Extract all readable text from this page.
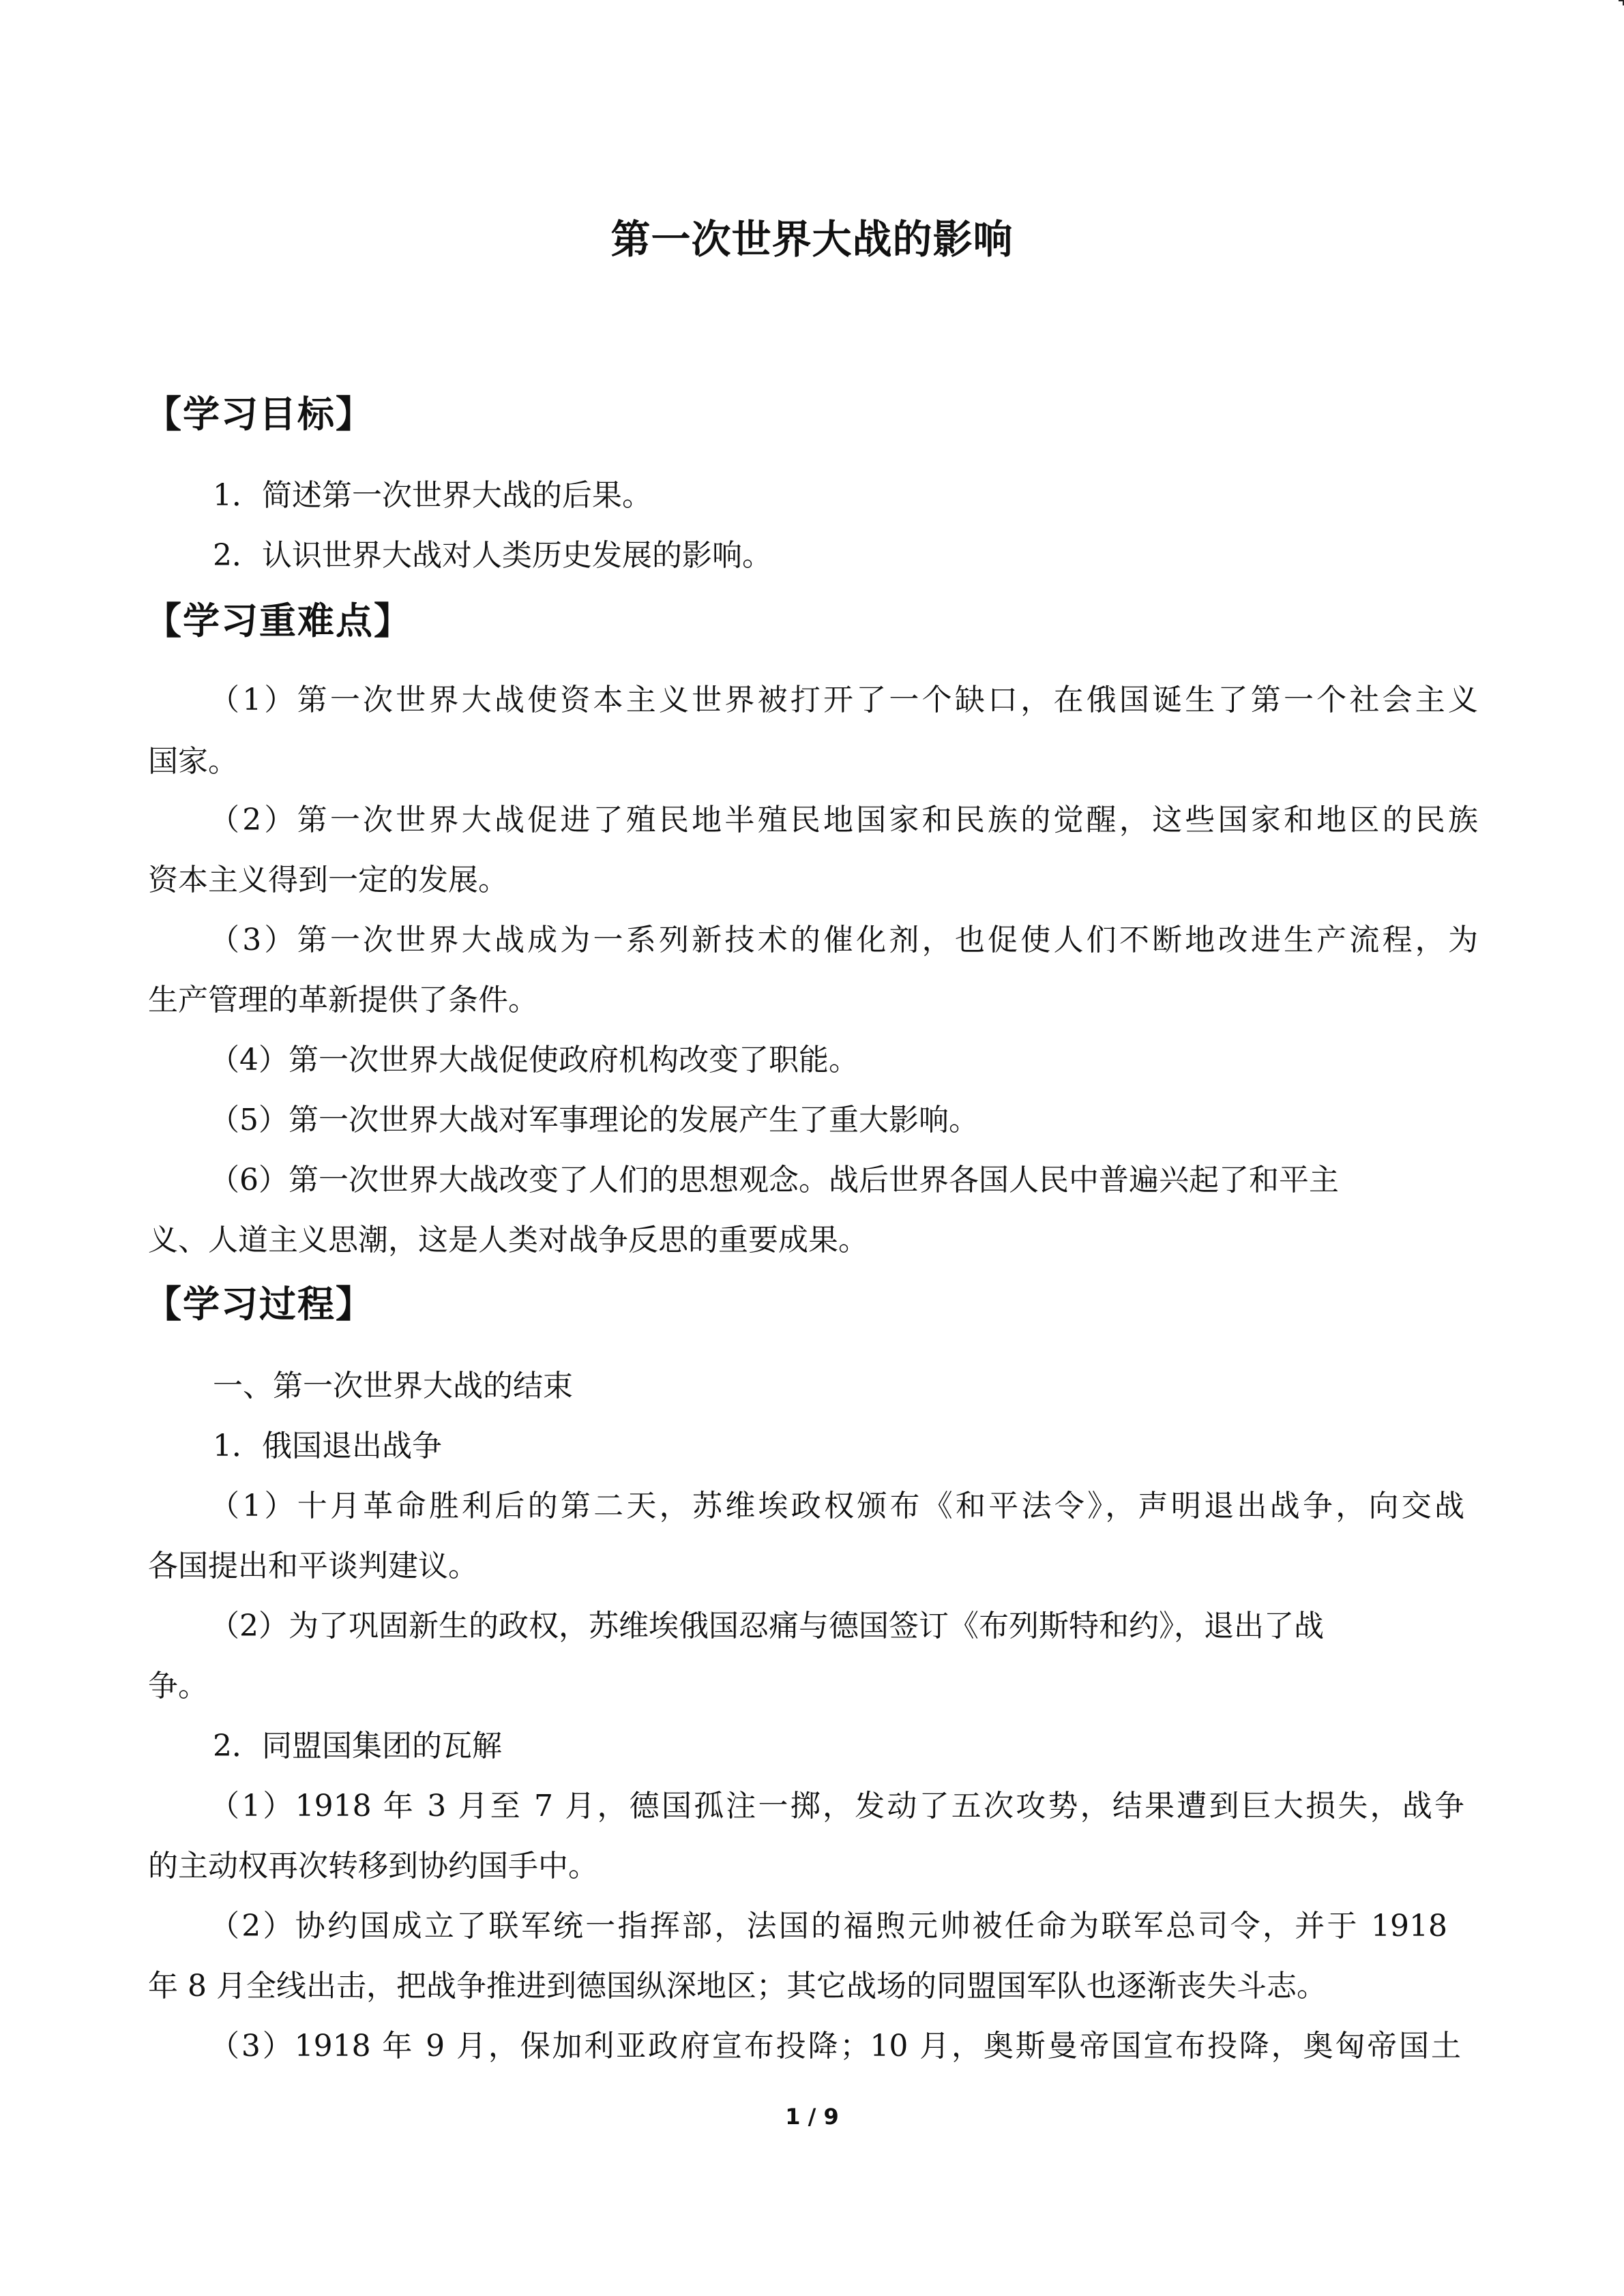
第一次世界大战的影响
【学习目标】
1．简述第一次世界大战的后果。
2．认识世界大战对人类历史发展的影响。
【学习重难点】
（1）第一次世界大战使资本主义世界被打开了一个缺口，在俄国诞生了第一个社会主义
国家。
（2）第一次世界大战促进了殖民地半殖民地国家和民族的觉醒，这些国家和地区的民族
资本主义得到一定的发展。
（3）第一次世界大战成为一系列新技术的催化剂，也促使人们不断地改进生产流程，为
生产管理的革新提供了条件。
（4）第一次世界大战促使政府机构改变了职能。
（5）第一次世界大战对军事理论的发展产生了重大影响。
（6）第一次世界大战改变了人们的思想观念。战后世界各国人民中普遍兴起了和平主
义、人道主义思潮，这是人类对战争反思的重要成果。
【学习过程】
一、第一次世界大战的结束
1．俄国退出战争
（1）十月革命胜利后的第二天，苏维埃政权颁布《和平法令》，声明退出战争，向交战
各国提出和平谈判建议。
（2）为了巩固新生的政权，苏维埃俄国忍痛与德国签订《布列斯特和约》，退出了战
争。
2．同盟国集团的瓦解
（1）1918 年 3 月至 7 月，德国孤注一掷，发动了五次攻势，结果遭到巨大损失，战争
的主动权再次转移到协约国手中。
（2）协约国成立了联军统一指挥部，法国的福煦元帅被任命为联军总司令，并于 1918
年 8 月全线出击，把战争推进到德国纵深地区；其它战场的同盟国军队也逐渐丧失斗志。
（3）1918 年 9 月，保加利亚政府宣布投降；10 月，奥斯曼帝国宣布投降，奥匈帝国土
1 / 9
